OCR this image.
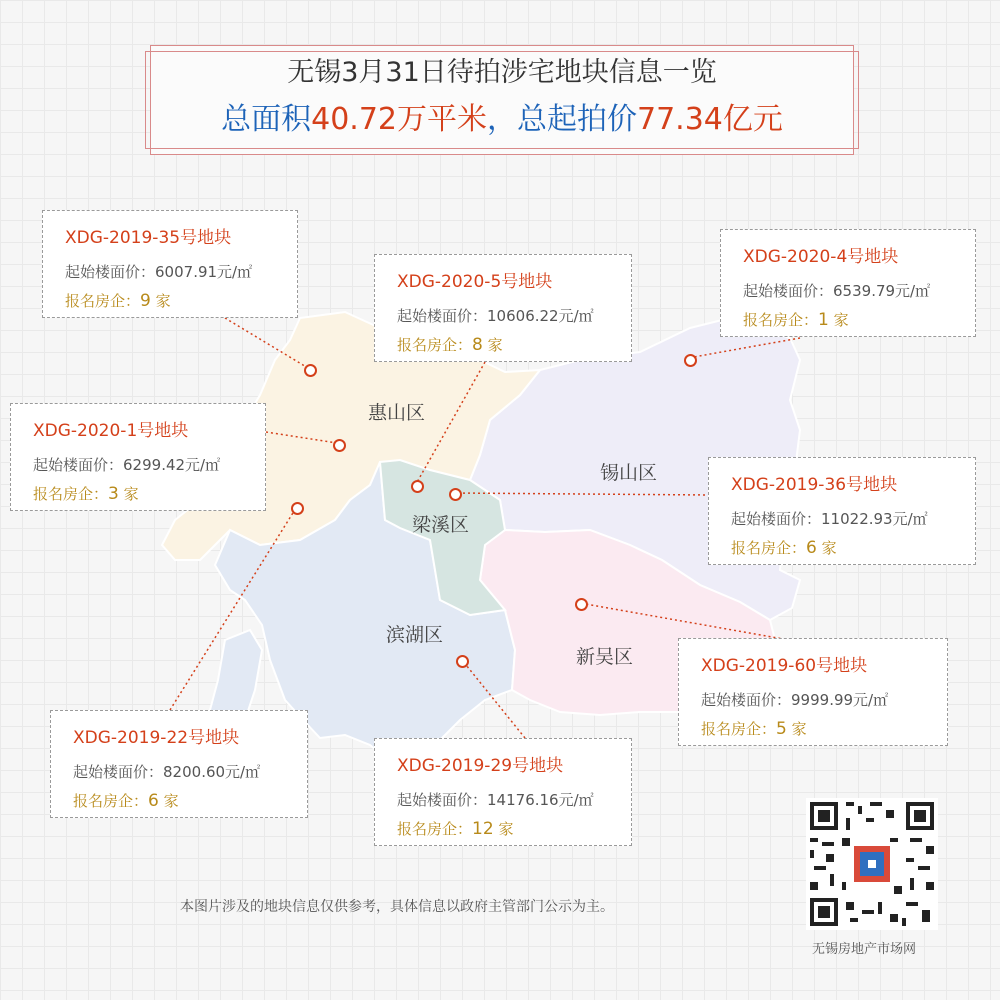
无锡3月31日待拍涉宅地块信息一览
总面积40.72万平米，总起拍价77.34亿元
惠山区
锡山区
梁溪区
滨湖区
新吴区
XDG-2019-35号地块
起始楼面价：6007.91元/㎡
报名房企：9 家
XDG-2020-5号地块
起始楼面价：10606.22元/㎡
报名房企：8 家
XDG-2020-4号地块
起始楼面价：6539.79元/㎡
报名房企：1 家
XDG-2020-1号地块
起始楼面价：6299.42元/㎡
报名房企：3 家	XDG-2019-36号地块
起始楼面价：11022.93元/㎡
报名房企：6 家
XDG-2019-60号地块
起始楼面价：9999.99元/㎡
报名房企：5 家
XDG-2019-22号地块
起始楼面价：8200.60元/㎡
报名房企：6 家
XDG-2019-29号地块
起始楼面价：14176.16元/㎡
报名房企：12 家
本图片涉及的地块信息仅供参考，具体信息以政府主管部门公示为主。
无锡房地产市场网
